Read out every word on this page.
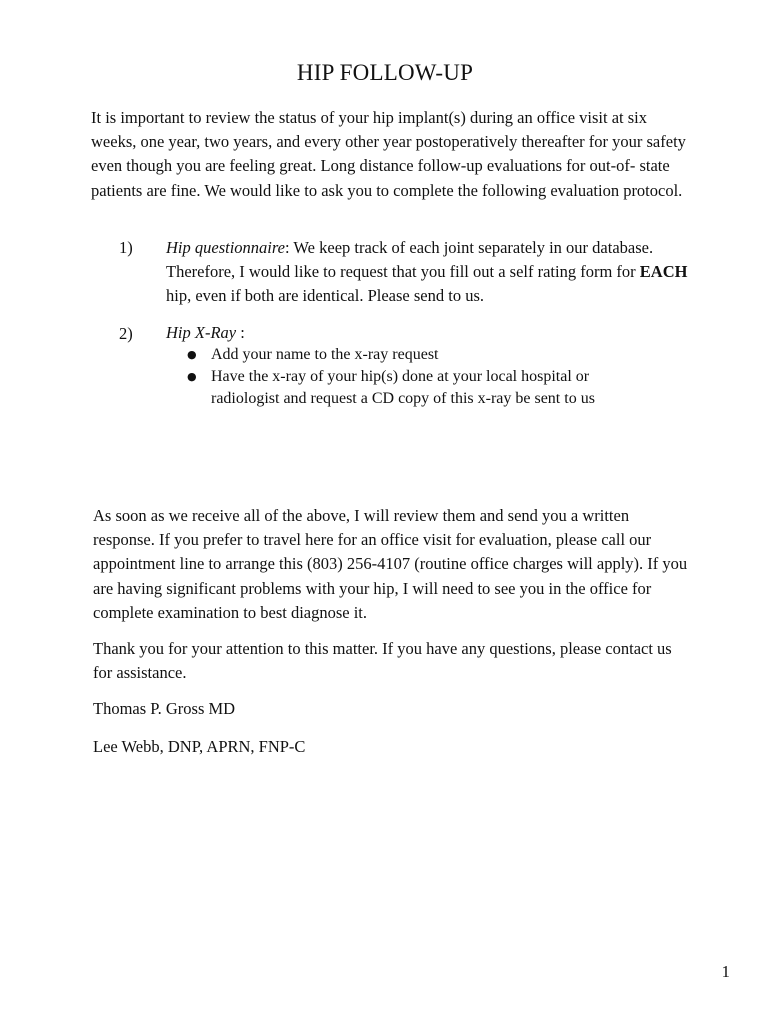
HIP FOLLOW-UP
It is important to review the status of your hip implant(s) during an office visit at six weeks, one year, two years, and every other year postoperatively thereafter for your safety even though you are feeling great. Long distance follow-up evaluations for out-of- state patients are fine. We would like to ask you to complete the following evaluation protocol.
1) Hip questionnaire: We keep track of each joint separately in our database. Therefore, I would like to request that you fill out a self rating form for EACH hip, even if both are identical. Please send to us.
2) Hip X-Ray :
● Add your name to the x-ray request
● Have the x-ray of your hip(s) done at your local hospital or radiologist and request a CD copy of this x-ray be sent to us
As soon as we receive all of the above, I will review them and send you a written response. If you prefer to travel here for an office visit for evaluation, please call our appointment line to arrange this (803) 256-4107 (routine office charges will apply). If you are having significant problems with your hip, I will need to see you in the office for complete examination to best diagnose it.
Thank you for your attention to this matter. If you have any questions, please contact us for assistance.
Thomas P. Gross MD
Lee Webb, DNP, APRN, FNP-C
1
